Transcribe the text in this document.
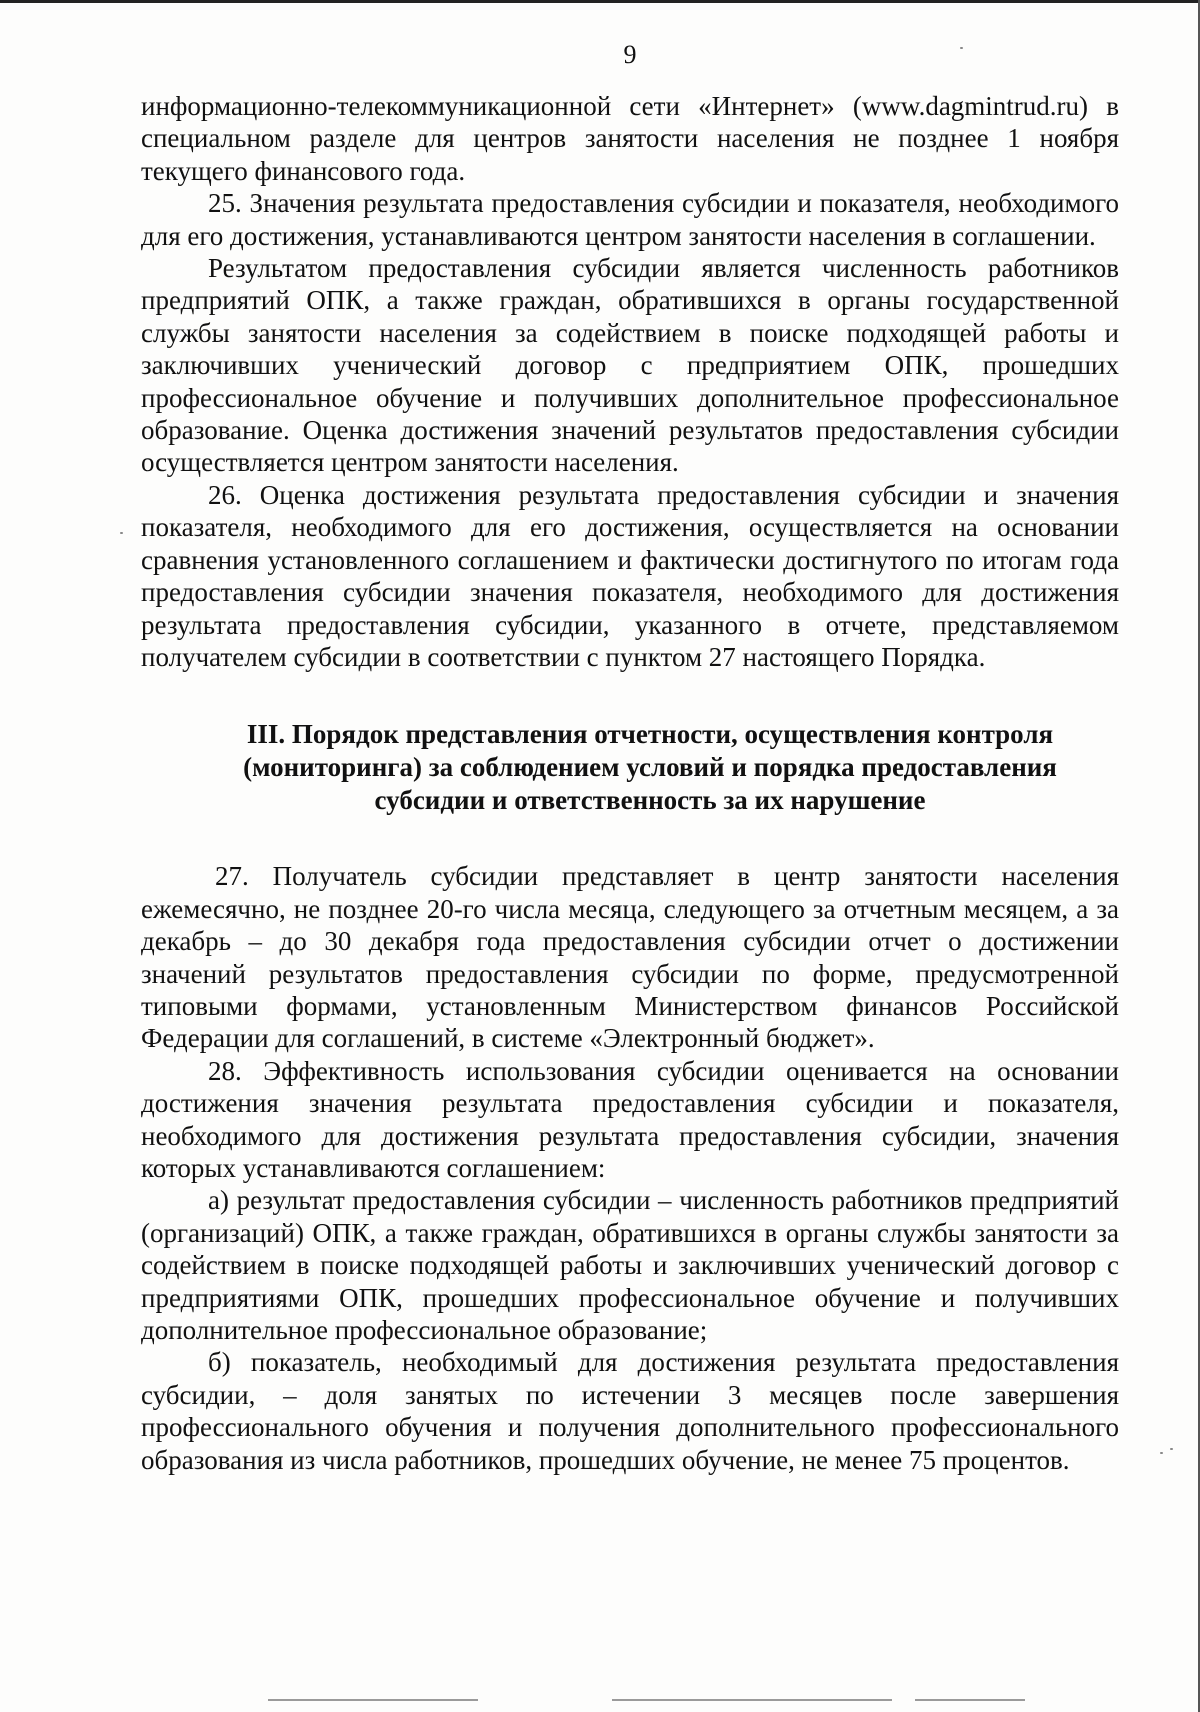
9

информационно-телекоммуникационной сети «Интернет» (www.dagmintrud.ru) в специальном разделе для центров занятости населения не позднее 1 ноября текущего финансового года.

25. Значения результата предоставления субсидии и показателя, необходимого для его достижения, устанавливаются центром занятости населения в соглашении.

Результатом предоставления субсидии является численность работников предприятий ОПК, а также граждан, обратившихся в органы государственной службы занятости населения за содействием в поиске подходящей работы и заключивших ученический договор с предприятием ОПК, прошедших профессиональное обучение и получивших дополнительное профессиональное образование. Оценка достижения значений результатов предоставления субсидии осуществляется центром занятости населения.

26. Оценка достижения результата предоставления субсидии и значения показателя, необходимого для его достижения, осуществляется на основании сравнения установленного соглашением и фактически достигнутого по итогам года предоставления субсидии значения показателя, необходимого для достижения результата предоставления субсидии, указанного в отчете, представляемом получателем субсидии в соответствии с пунктом 27 настоящего Порядка.

III. Порядок представления отчетности, осуществления контроля
(мониторинга) за соблюдением условий и порядка предоставления
субсидии и ответственность за их нарушение

27. Получатель субсидии представляет в центр занятости населения ежемесячно, не позднее 20-го числа месяца, следующего за отчетным месяцем, а за декабрь – до 30 декабря года предоставления субсидии отчет о достижении значений результатов предоставления субсидии по форме, предусмотренной типовыми формами, установленным Министерством финансов Российской Федерации для соглашений, в системе «Электронный бюджет».

28. Эффективность использования субсидии оценивается на основании достижения значения результата предоставления субсидии и показателя, необходимого для достижения результата предоставления субсидии, значения которых устанавливаются соглашением:

а) результат предоставления субсидии – численность работников предприятий (организаций) ОПК, а также граждан, обратившихся в органы службы занятости за содействием в поиске подходящей работы и заключивших ученический договор с предприятиями ОПК, прошедших профессиональное обучение и получивших дополнительное профессиональное образование;

б) показатель, необходимый для достижения результата предоставления субсидии, – доля занятых по истечении 3 месяцев после завершения профессионального обучения и получения дополнительного профессионального образования из числа работников, прошедших обучение, не менее 75 процентов.
